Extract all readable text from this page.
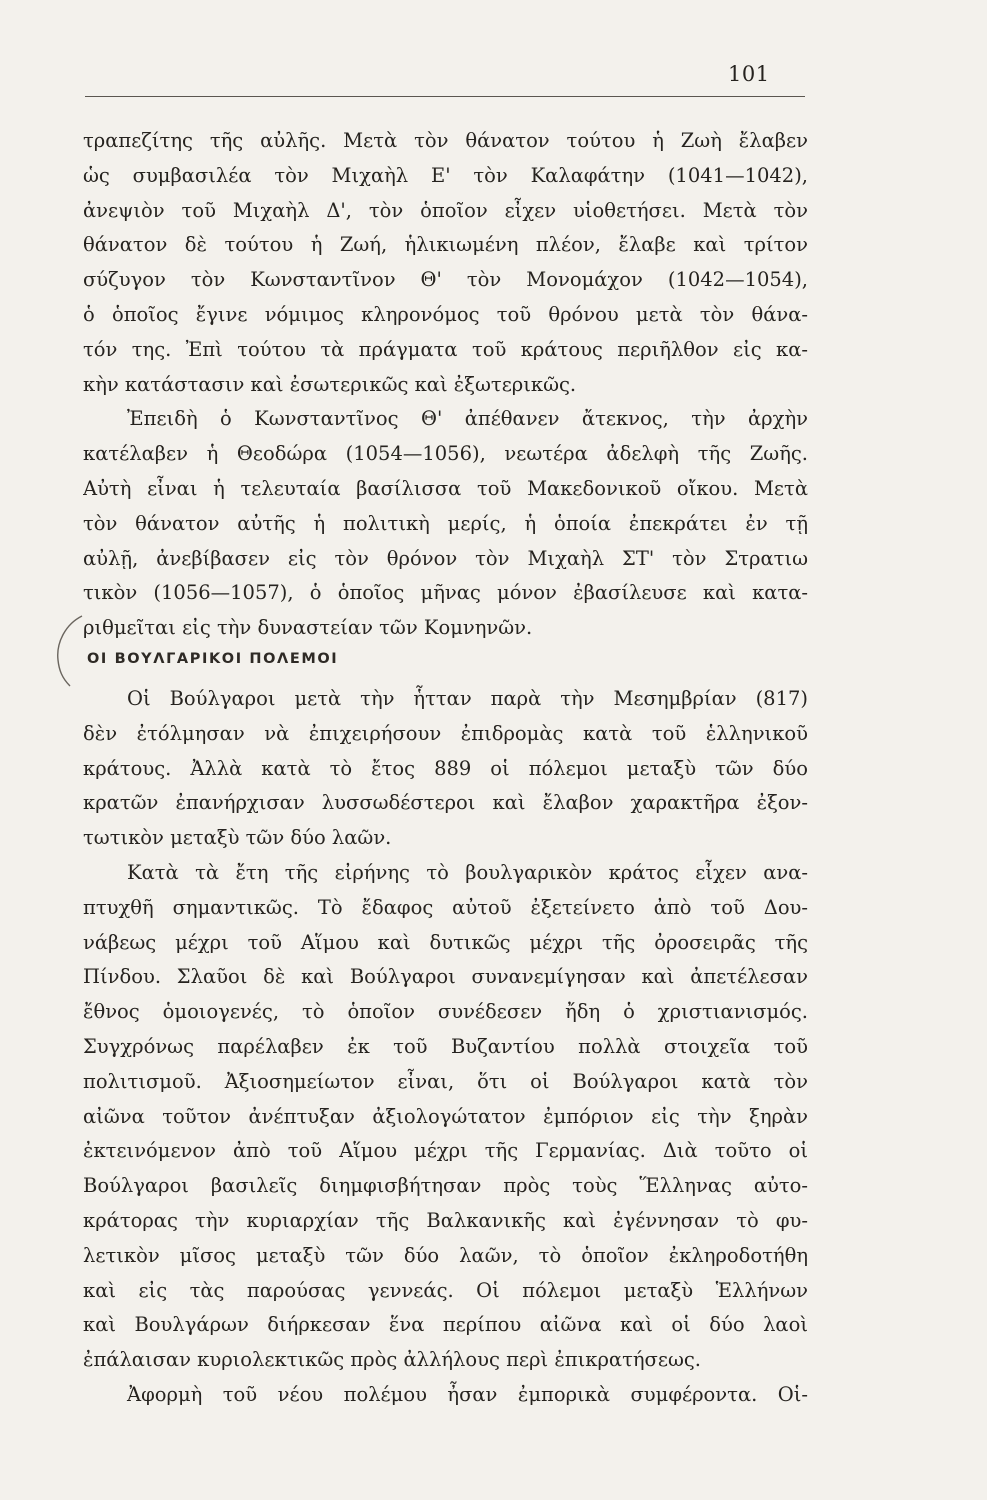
101
τραπεζίτης τῆς αὐλῆς. Μετὰ τὸν θάνατον τούτου ἡ Ζωὴ ἔλαβεν
ὡς συμβασιλέα τὸν Μιχαὴλ Ε' τὸν Καλαφάτην (1041—1042),
ἀνεψιὸν τοῦ Μιχαὴλ Δ', τὸν ὁποῖον εἶχεν υἱοθετήσει. Μετὰ τὸν
θάνατον δὲ τούτου ἡ Ζωή, ἡλικιωμένη πλέον, ἔλαβε καὶ τρίτον
σύζυγον τὸν Κωνσταντῖνον Θ' τὸν Μονομάχον (1042—1054),
ὁ ὁποῖος ἔγινε νόμιμος κληρονόμος τοῦ θρόνου μετὰ τὸν θάνα-
τόν της. Ἐπὶ τούτου τὰ πράγματα τοῦ κράτους περιῆλθον εἰς κα-
κὴν κατάστασιν καὶ ἐσωτερικῶς καὶ ἐξωτερικῶς.
Ἐπειδὴ ὁ Κωνσταντῖνος Θ' ἀπέθανεν ἄτεκνος, τὴν ἀρχὴν
κατέλαβεν ἡ Θεοδώρα (1054—1056), νεωτέρα ἀδελφὴ τῆς Ζωῆς.
Αὐτὴ εἶναι ἡ τελευταία βασίλισσα τοῦ Μακεδονικοῦ οἴκου. Μετὰ
τὸν θάνατον αὐτῆς ἡ πολιτικὴ μερίς, ἡ ὁποία ἐπεκράτει ἐν τῇ
αὐλῇ, ἀνεβίβασεν εἰς τὸν θρόνον τὸν Μιχαὴλ ΣΤ' τὸν Στρατιω
τικὸν (1056—1057), ὁ ὁποῖος μῆνας μόνον ἐβασίλευσε καὶ κατα-
ριθμεῖται εἰς τὴν δυναστείαν τῶν Κομνηνῶν.
ΟΙ ΒΟΥΛΓΑΡΙΚΟΙ ΠΟΛΕΜΟΙ
Οἱ Βούλγαροι μετὰ τὴν ἧτταν παρὰ τὴν Μεσημβρίαν (817)
δὲν ἐτόλμησαν νὰ ἐπιχειρήσουν ἐπιδρομὰς κατὰ τοῦ ἑλληνικοῦ
κράτους. Ἀλλὰ κατὰ τὸ ἔτος 889 οἱ πόλεμοι μεταξὺ τῶν δύο
κρατῶν ἐπανήρχισαν λυσσωδέστεροι καὶ ἔλαβον χαρακτῆρα ἐξον-
τωτικὸν μεταξὺ τῶν δύο λαῶν.
Κατὰ τὰ ἔτη τῆς εἰρήνης τὸ βουλγαρικὸν κράτος εἶχεν ανα-
πτυχθῆ σημαντικῶς. Τὸ ἔδαφος αὐτοῦ ἐξετείνετο ἀπὸ τοῦ Δου-
νάβεως μέχρι τοῦ Αἵμου καὶ δυτικῶς μέχρι τῆς ὀροσειρᾶς τῆς
Πίνδου. Σλαῦοι δὲ καὶ Βούλγαροι συνανεμίγησαν καὶ ἀπετέλεσαν
ἔθνος ὁμοιογενές, τὸ ὁποῖον συνέδεσεν ἤδη ὁ χριστιανισμός.
Συγχρόνως παρέλαβεν ἐκ τοῦ Βυζαντίου πολλὰ στοιχεῖα τοῦ
πολιτισμοῦ. Ἀξιοσημείωτον εἶναι, ὅτι οἱ Βούλγαροι κατὰ τὸν
αἰῶνα τοῦτον ἀνέπτυξαν ἀξιολογώτατον ἐμπόριον εἰς τὴν ξηρὰν
ἐκτεινόμενον ἀπὸ τοῦ Αἵμου μέχρι τῆς Γερμανίας. Διὰ τοῦτο οἱ
Βούλγαροι βασιλεῖς διημφισβήτησαν πρὸς τοὺς Ἕλληνας αὐτο-
κράτορας τὴν κυριαρχίαν τῆς Βαλκανικῆς καὶ ἐγέννησαν τὸ φυ-
λετικὸν μῖσος μεταξὺ τῶν δύο λαῶν, τὸ ὁποῖον ἐκληροδοτήθη
καὶ εἰς τὰς παρούσας γεννεάς. Οἱ πόλεμοι μεταξὺ Ἑλλήνων
καὶ Βουλγάρων διήρκεσαν ἕνα περίπου αἰῶνα καὶ οἱ δύο λαοὶ
ἐπάλαισαν κυριολεκτικῶς πρὸς ἀλλήλους περὶ ἐπικρατήσεως.
Ἀφορμὴ τοῦ νέου πολέμου ἦσαν ἐμπορικὰ συμφέροντα. Οἱ-
